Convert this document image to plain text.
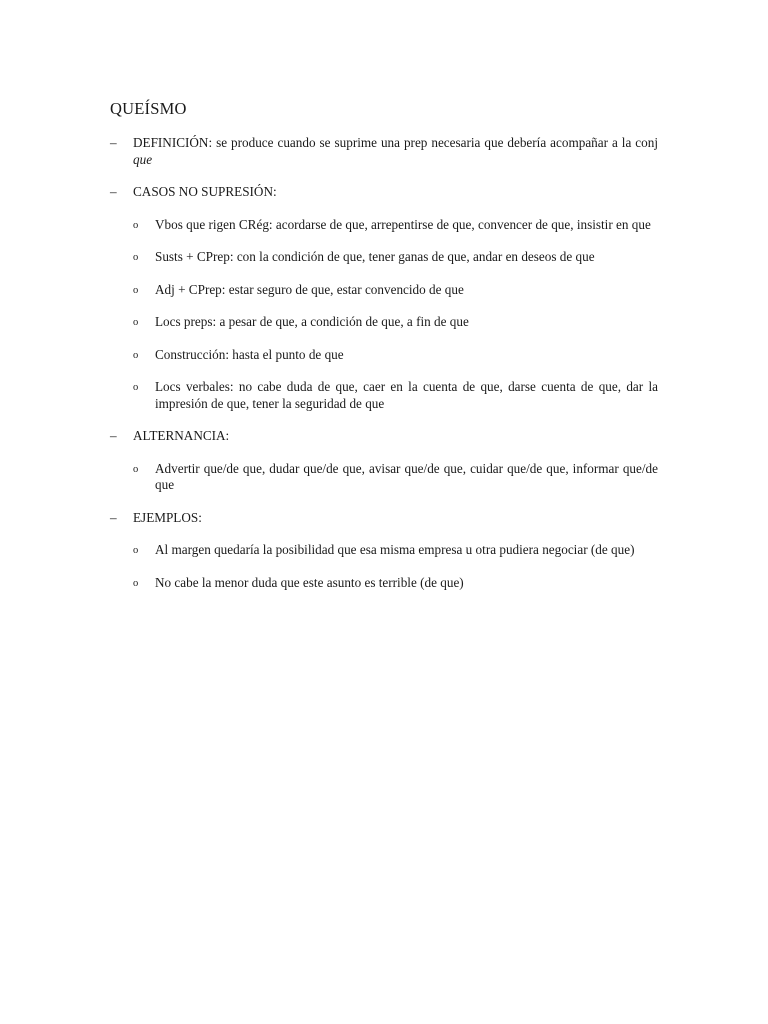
QUEÍSMO
– DEFINICIÓN: se produce cuando se suprime una prep necesaria que debería acompañar a la conj que
– CASOS NO SUPRESIÓN:
o Vbos que rigen CRég: acordarse de que, arrepentirse de que, convencer de que, insistir en que
o Susts + CPrep: con la condición de que, tener ganas de que, andar en deseos de que
o Adj + CPrep: estar seguro de que, estar convencido de que
o Locs preps: a pesar de que, a condición de que, a fin de que
o Construcción: hasta el punto de que
o Locs verbales: no cabe duda de que, caer en la cuenta de que, darse cuenta de que, dar la impresión de que, tener la seguridad de que
– ALTERNANCIA:
o Advertir que/de que, dudar que/de que, avisar que/de que, cuidar que/de que, informar que/de que
– EJEMPLOS:
o Al margen quedaría la posibilidad que esa misma empresa u otra pudiera negociar (de que)
o No cabe la menor duda que este asunto es terrible (de que)
